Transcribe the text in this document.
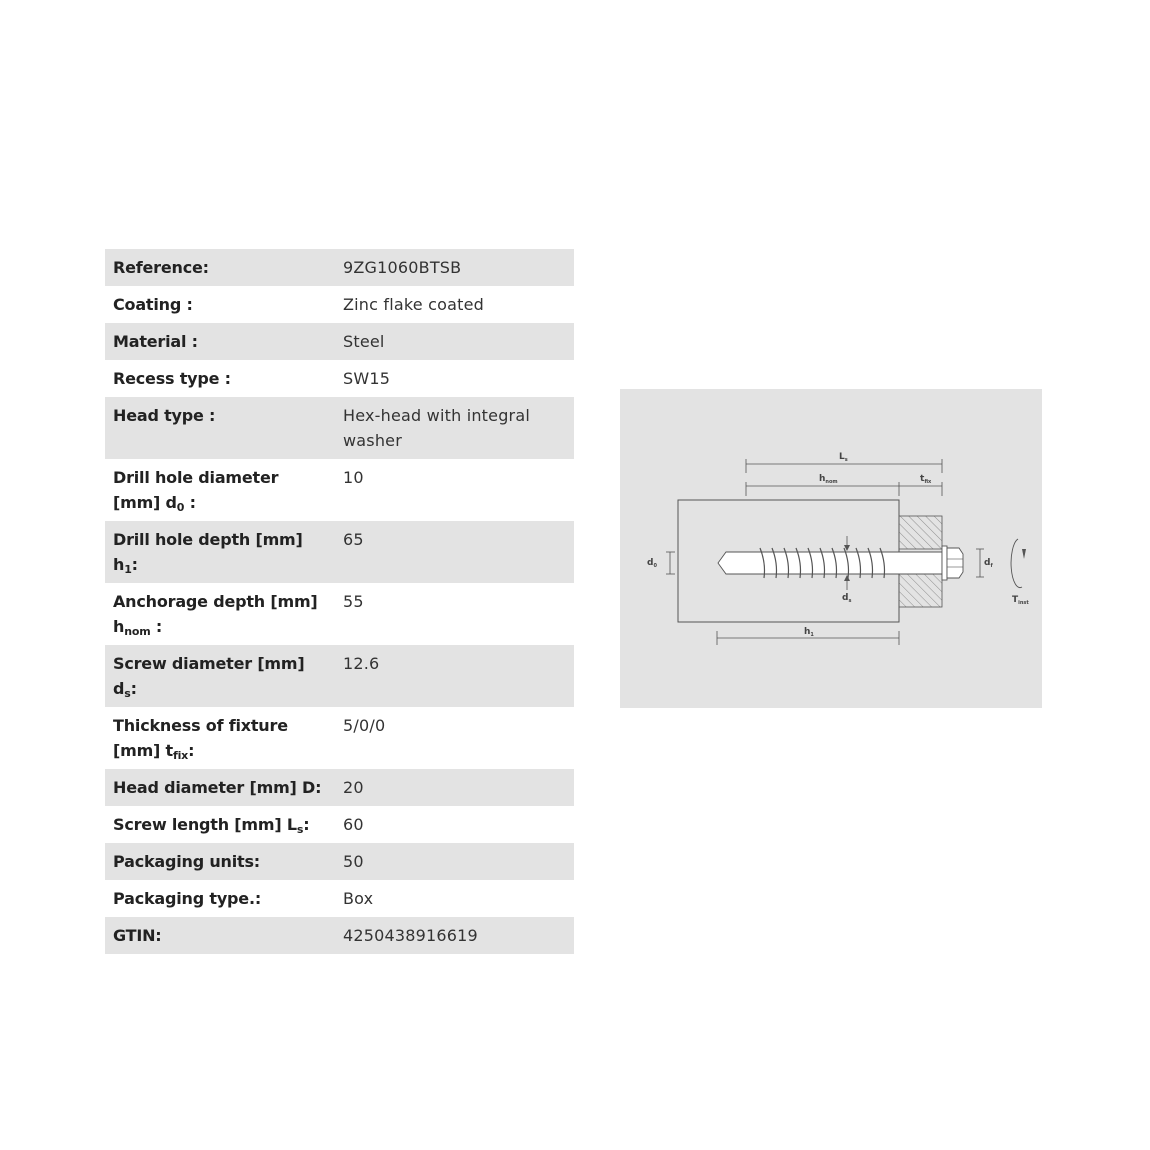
Reference:	9ZG1060BTSB
Coating :	Zinc flake coated
Material :	Steel
Recess type :	SW15
Head type :	Hex-head with integral washer
Drill hole diameter [mm] $d_0$ :	10
Drill hole depth [mm] $h_1$:	65
Anchorage depth [mm] $h_{nom}$ :	55
Screw diameter [mm] $d_s$:	12.6
Thickness of fixture [mm] $t_{fix}$:	5/0/0
Head diameter [mm] D:	20
Screw length [mm] $L_s$:	60
Packaging units:	50
Packaging type.:	Box
GTIN:	4250438916619
$L_s$
$h_{nom}$	$t_{fix}$
$d_0$
$d_s$
$d_f$
$h_1$
$T_{inst}$
